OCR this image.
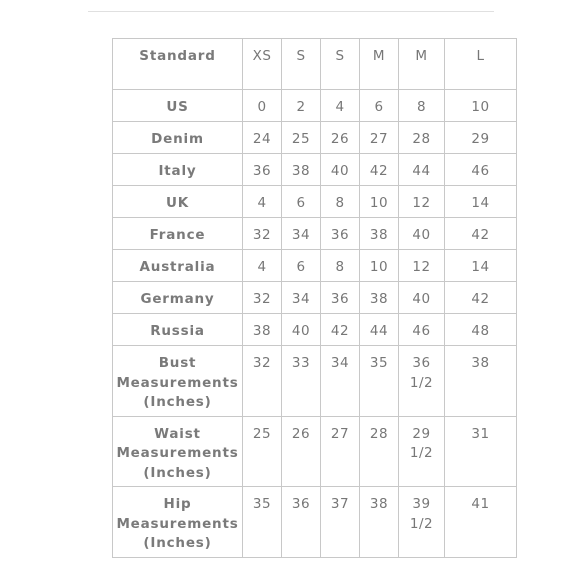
Standard	XS	S	S	M	M	L	
US	0	2	4	6	8	10	
Denim	24	25	26	27	28	29	
Italy	36	38	40	42	44	46	
UK	4	6	8	10	12	14	
France	32	34	36	38	40	42	
Australia	4	6	8	10	12	14	
Germany	32	34	36	38	40	42	
Russia	38	40	42	44	46	48	
Bust Measurements (Inches)	32	33	34	35	36 1/2	38	
Waist Measurements (Inches)	25	26	27	28	29 1/2	31	
Hip Measurements (Inches)	35	36	37	38	39 1/2	41	
